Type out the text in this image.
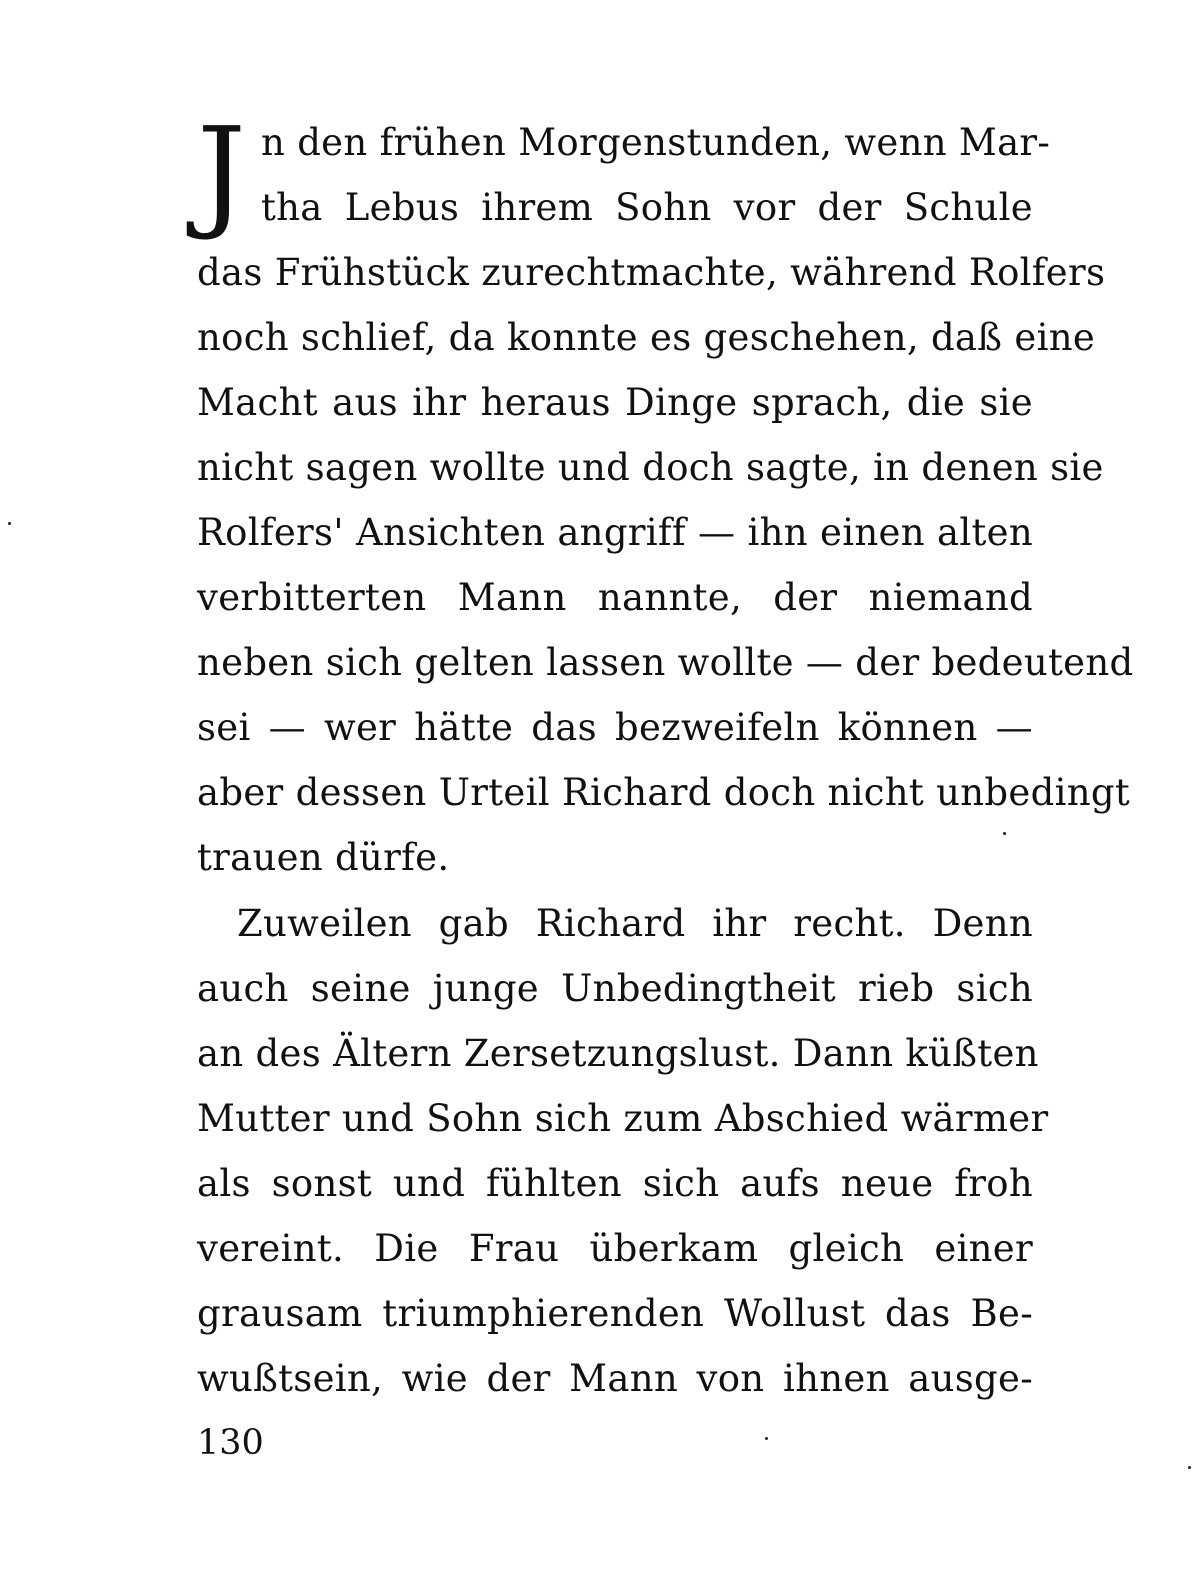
J n den frühen Morgenstunden, wenn Mar-
tha Lebus ihrem Sohn vor der Schule
das Frühstück zurechtmachte, während Rolfers
noch schlief, da konnte es geschehen, daß eine
Macht aus ihr heraus Dinge sprach, die sie
nicht sagen wollte und doch sagte, in denen sie
Rolfers' Ansichten angriff — ihn einen alten
verbitterten Mann nannte, der niemand
neben sich gelten lassen wollte — der bedeutend
sei — wer hätte das bezweifeln können —
aber dessen Urteil Richard doch nicht unbedingt
trauen dürfe.
Zuweilen gab Richard ihr recht. Denn
auch seine junge Unbedingtheit rieb sich
an des Ältern Zersetzungslust. Dann küßten
Mutter und Sohn sich zum Abschied wärmer
als sonst und fühlten sich aufs neue froh
vereint. Die Frau überkam gleich einer
grausam triumphierenden Wollust das Be-
wußtsein, wie der Mann von ihnen ausge-
130
